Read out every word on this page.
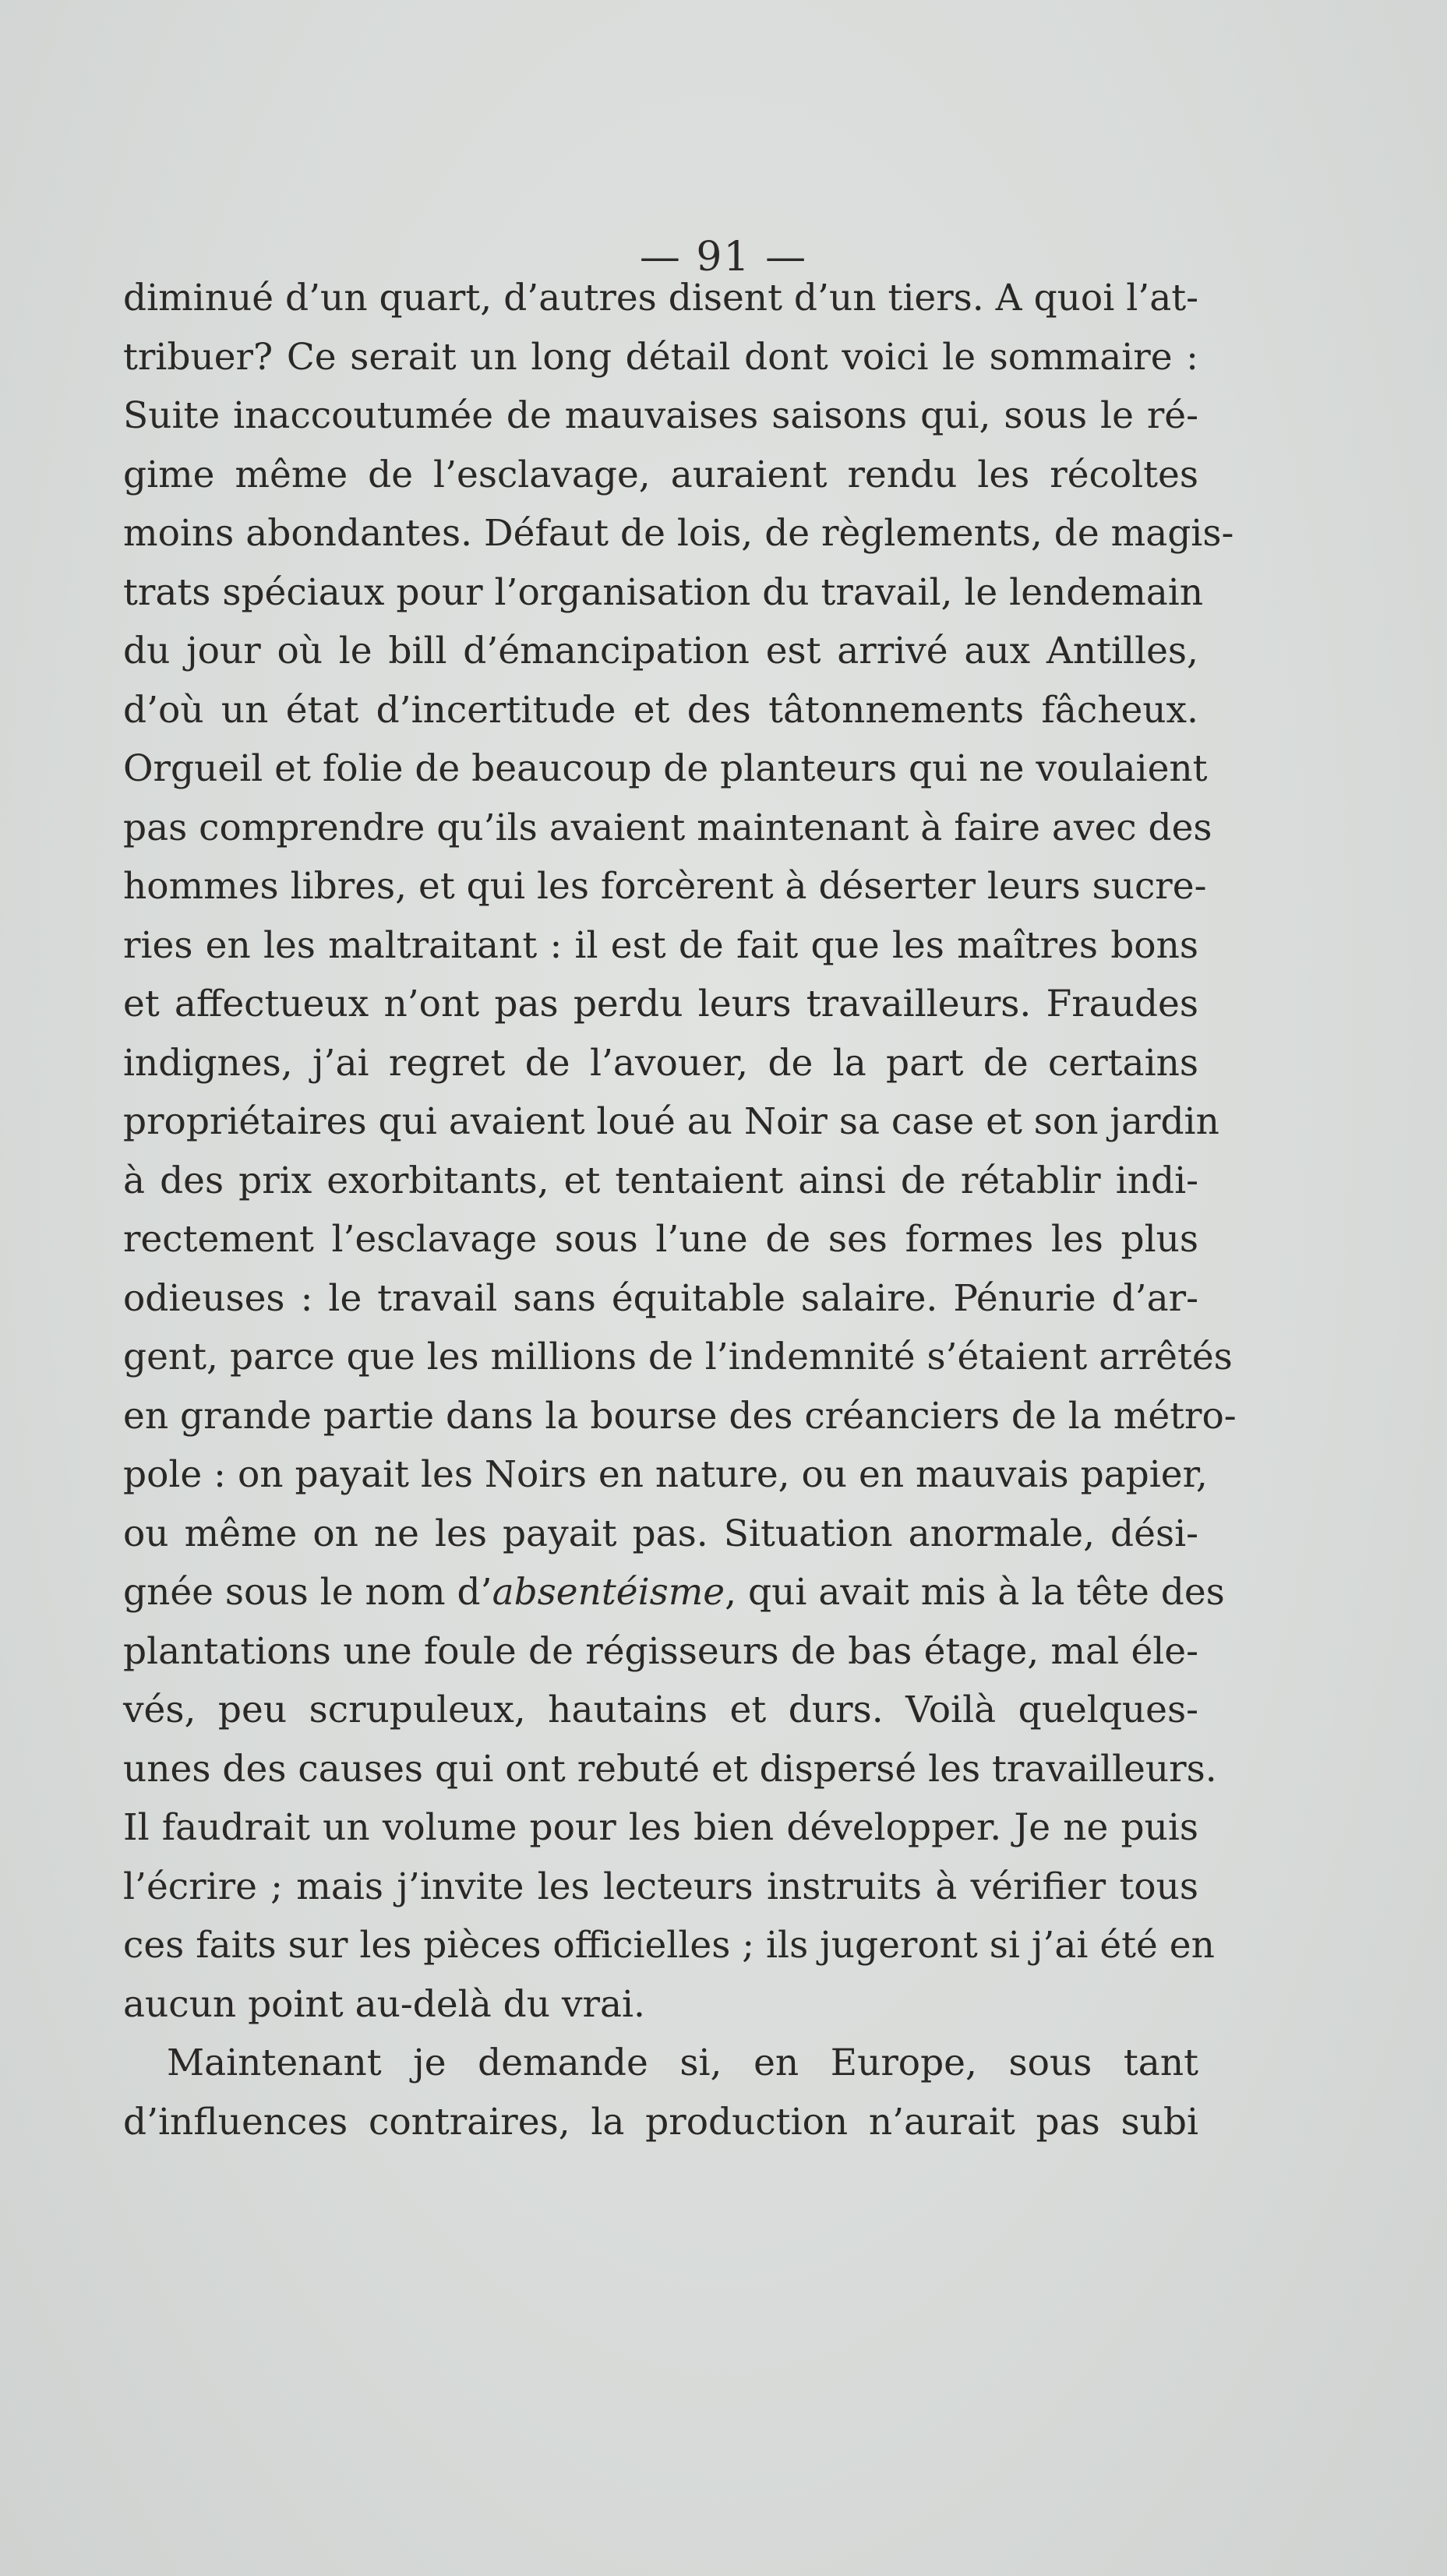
— 91 —
diminué d’un quart, d’autres disent d’un tiers. A quoi l’at-
tribuer? Ce serait un long détail dont voici le sommaire :
Suite inaccoutumée de mauvaises saisons qui, sous le ré-
gime même de l’esclavage, auraient rendu les récoltes
moins abondantes. Défaut de lois, de règlements, de magis-
trats spéciaux pour l’organisation du travail, le lendemain
du jour où le bill d’émancipation est arrivé aux Antilles,
d’où un état d’incertitude et des tâtonnements fâcheux.
Orgueil et folie de beaucoup de planteurs qui ne voulaient
pas comprendre qu’ils avaient maintenant à faire avec des
hommes libres, et qui les forcèrent à déserter leurs sucre-
ries en les maltraitant : il est de fait que les maîtres bons
et affectueux n’ont pas perdu leurs travailleurs. Fraudes
indignes, j’ai regret de l’avouer, de la part de certains
propriétaires qui avaient loué au Noir sa case et son jardin
à des prix exorbitants, et tentaient ainsi de rétablir indi-
rectement l’esclavage sous l’une de ses formes les plus
odieuses : le travail sans équitable salaire. Pénurie d’ar-
gent, parce que les millions de l’indemnité s’étaient arrêtés
en grande partie dans la bourse des créanciers de la métro-
pole : on payait les Noirs en nature, ou en mauvais papier,
ou même on ne les payait pas. Situation anormale, dési-
gnée sous le nom d’absentéisme, qui avait mis à la tête des
plantations une foule de régisseurs de bas étage, mal éle-
vés, peu scrupuleux, hautains et durs. Voilà quelques-
unes des causes qui ont rebuté et dispersé les travailleurs.
Il faudrait un volume pour les bien développer. Je ne puis
l’écrire ; mais j’invite les lecteurs instruits à vérifier tous
ces faits sur les pièces officielles ; ils jugeront si j’ai été en
aucun point au-delà du vrai.
Maintenant je demande si, en Europe, sous tant
d’influences contraires, la production n’aurait pas subi
